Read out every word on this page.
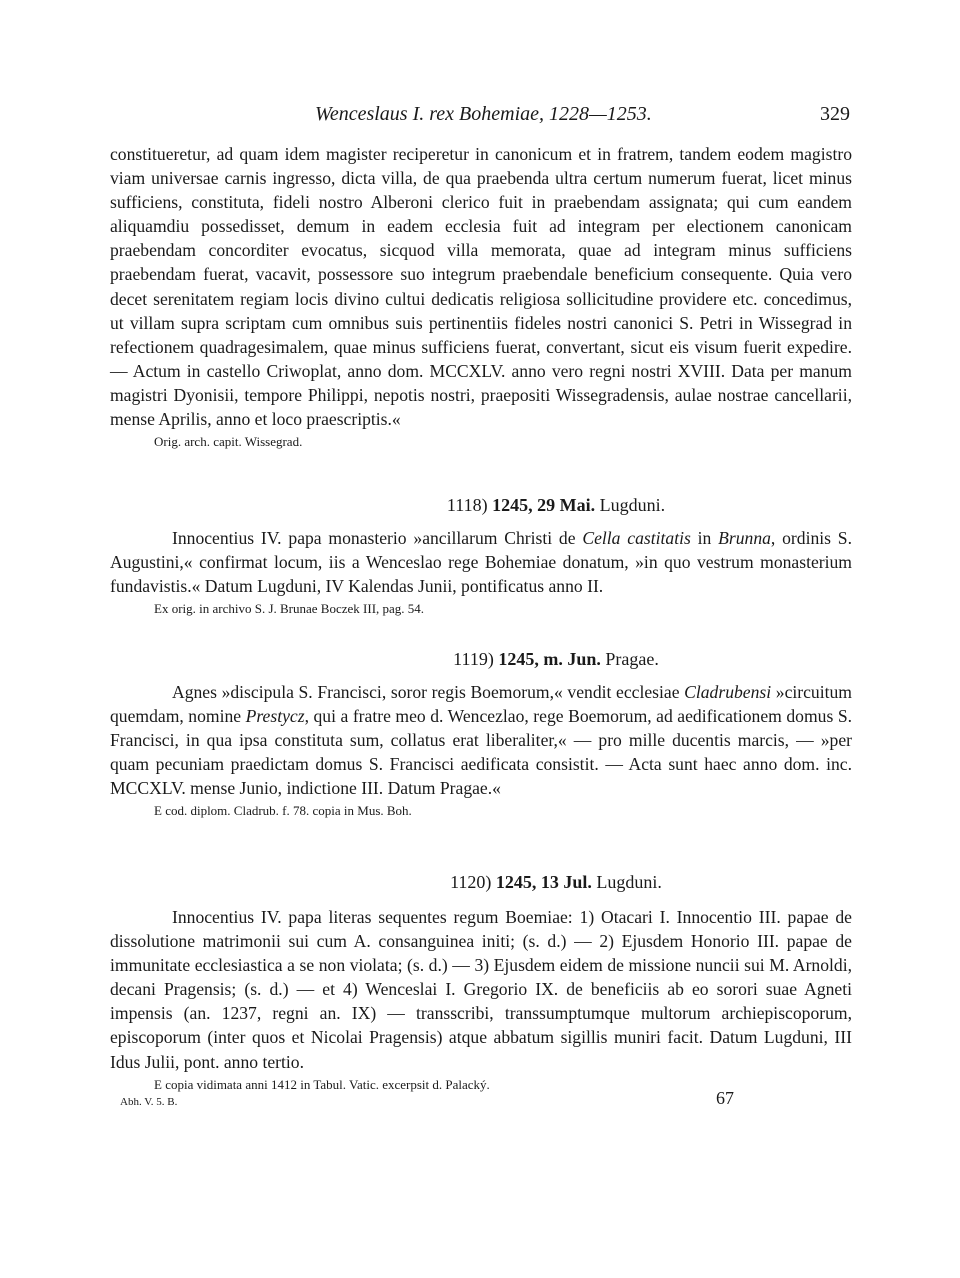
Wenceslaus I. rex Bohemiae, 1228—1253.	329

constitueretur, ad quam idem magister reciperetur in canonicum et in fratrem, tandem eodem magistro viam universae carnis ingresso, dicta villa, de qua praebenda ultra certum numerum fuerat, licet minus sufficiens, constituta, fideli nostro Alberoni clerico fuit in praebendam assignata; qui cum eandem aliquamdiu possedisset, demum in eadem ecclesia fuit ad integram per electionem canonicam praebendam concorditer evocatus, sicquod villa memorata, quae ad integram minus sufficiens praebendam fuerat, vacavit, possessore suo integrum praebendale beneficium consequente. Quia vero decet serenitatem regiam locis divino cultui dedicatis religiosa sollicitudine providere etc. concedimus, ut villam supra scriptam cum omnibus suis pertinentiis fideles nostri canonici S. Petri in Wissegrad in refectionem quadragesimalem, quae minus sufficiens fuerat, convertant, sicut eis visum fuerit expedire. — Actum in castello Criwoplat, anno dom. MCCXLV. anno vero regni nostri XVIII. Data per manum magistri Dyonisii, tempore Philippi, nepotis nostri, praepositi Wissegradensis, aulae nostrae cancellarii, mense Aprilis, anno et loco praescriptis.«

Orig. arch. capit. Wissegrad.
1118) 1245, 29 Mai. Lugduni.

Innocentius IV. papa monasterio »ancillarum Christi de Cella castitatis in Brunna, ordinis S. Augustini,« confirmat locum, iis a Wenceslao rege Bohemiae donatum, »in quo vestrum monasterium fundavistis.« Datum Lugduni, IV Kalendas Junii, pontificatus anno II.

Ex orig. in archivo S. J. Brunae Boczek III, pag. 54.
1119) 1245, m. Jun. Pragae.

Agnes »discipula S. Francisci, soror regis Boemorum,« vendit ecclesiae Cladrubensi »circuitum quemdam, nomine Prestycz, qui a fratre meo d. Wencezlao, rege Boemorum, ad aedificationem domus S. Francisci, in qua ipsa constituta sum, collatus erat liberaliter,« — pro mille ducentis marcis, — »per quam pecuniam praedictam domus S. Francisci aedificata consistit. — Acta sunt haec anno dom. inc. MCCXLV. mense Junio, indictione III. Datum Pragae.«

E cod. diplom. Cladrub. f. 78. copia in Mus. Boh.
1120) 1245, 13 Jul. Lugduni.

Innocentius IV. papa literas sequentes regum Boemiae: 1) Otacari I. Innocentio III. papae de dissolutione matrimonii sui cum A. consanguinea initi; (s. d.) — 2) Ejusdem Honorio III. papae de immunitate ecclesiastica a se non violata; (s. d.) — 3) Ejusdem eidem de missione nuncii sui M. Arnoldi, decani Pragensis; (s. d.) — et 4) Wenceslai I. Gregorio IX. de beneficiis ab eo sorori suae Agneti impensis (an. 1237, regni an. IX) — transscribi, transsumptumque multorum archiepiscoporum, episcoporum (inter quos et Nicolai Pragensis) atque abbatum sigillis muniri facit. Datum Lugduni, III Idus Julii, pont. anno tertio.

E copia vidimata anni 1412 in Tabul. Vatic. excerpsit d. Palacký.
Abh. V. 5. B.	67
